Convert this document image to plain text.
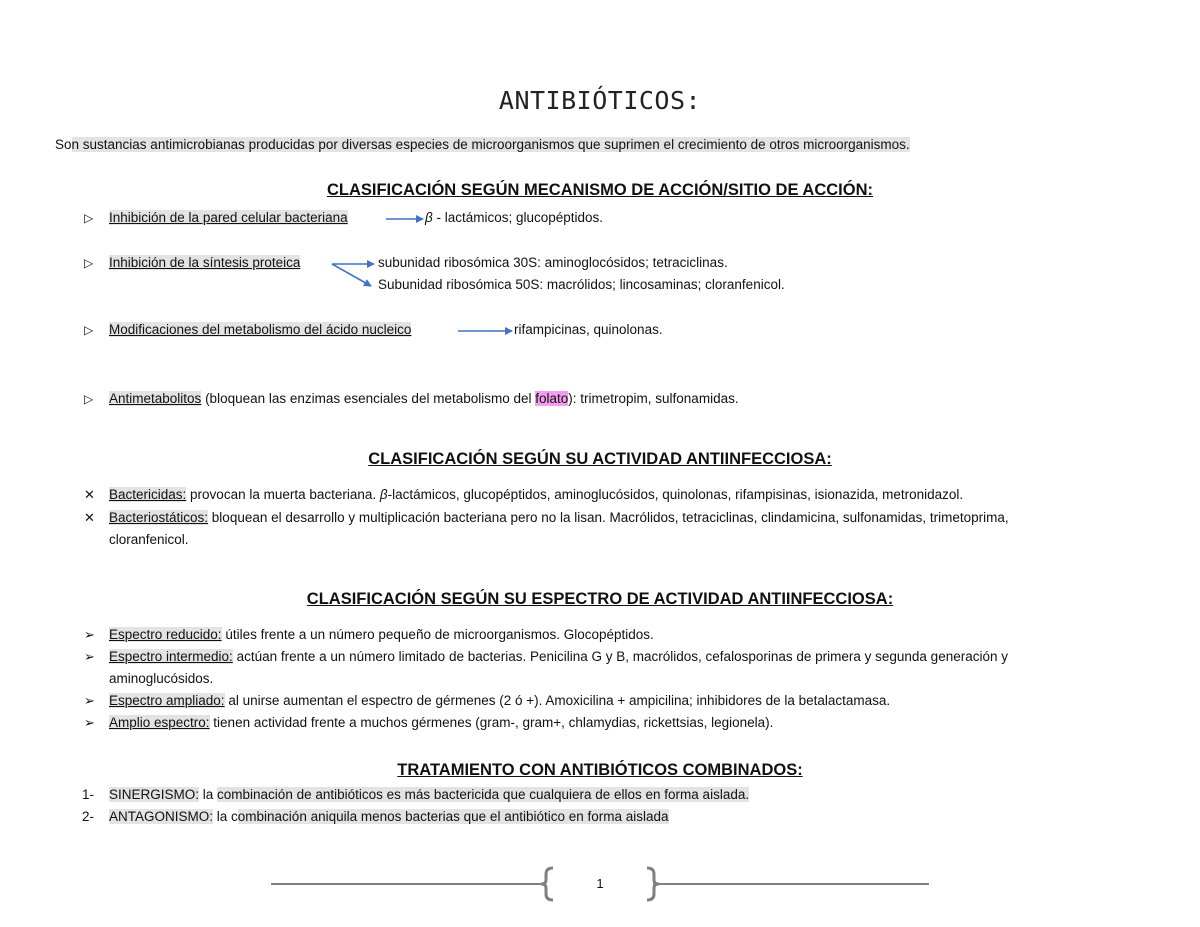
ANTIBIÓTICOS:
Son sustancias antimicrobianas producidas por diversas especies de microorganismos que suprimen el crecimiento de otros microorganismos.
CLASIFICACIÓN SEGÚN MECANISMO DE ACCIÓN/SITIO DE ACCIÓN:
▷ Inhibición de la pared celular bacteriana	β - lactámicos; glucopéptidos.
▷ Inhibición de la síntesis proteica	subunidad ribosómica 30S: aminoglocósidos; tetraciclinas.
Subunidad ribosómica 50S: macrólidos; lincosaminas; cloranfenicol.
▷ Modificaciones del metabolismo del ácido nucleico	rifampicinas, quinolonas.
▷ Antimetabolitos (bloquean las enzimas esenciales del metabolismo del folato): trimetropim, sulfonamidas.
CLASIFICACIÓN SEGÚN SU ACTIVIDAD ANTIINFECCIOSA:
✕ Bactericidas: provocan la muerta bacteriana. β-lactámicos, glucopéptidos, aminoglucósidos, quinolonas, rifampisinas, isionazida, metronidazol.
✕ Bacteriostáticos: bloquean el desarrollo y multiplicación bacteriana pero no la lisan. Macrólidos, tetraciclinas, clindamicina, sulfonamidas, trimetoprima,
cloranfenicol.
CLASIFICACIÓN SEGÚN SU ESPECTRO DE ACTIVIDAD ANTIINFECCIOSA:
➢ Espectro reducido: útiles frente a un número pequeño de microorganismos. Glocopéptidos.
➢ Espectro intermedio: actúan frente a un número limitado de bacterias. Penicilina G y B, macrólidos, cefalosporinas de primera y segunda generación y
aminoglucósidos.
➢ Espectro ampliado: al unirse aumentan el espectro de gérmenes (2 ó +). Amoxicilina + ampicilina; inhibidores de la betalactamasa.
➢ Amplio espectro: tienen actividad frente a muchos gérmenes (gram-, gram+, chlamydias, rickettsias, legionela).
TRATAMIENTO CON ANTIBIÓTICOS COMBINADOS:
1- SINERGISMO: la combinación de antibióticos es más bactericida que cualquiera de ellos en forma aislada.
2- ANTAGONISMO: la combinación aniquila menos bacterias que el antibiótico en forma aislada
1
